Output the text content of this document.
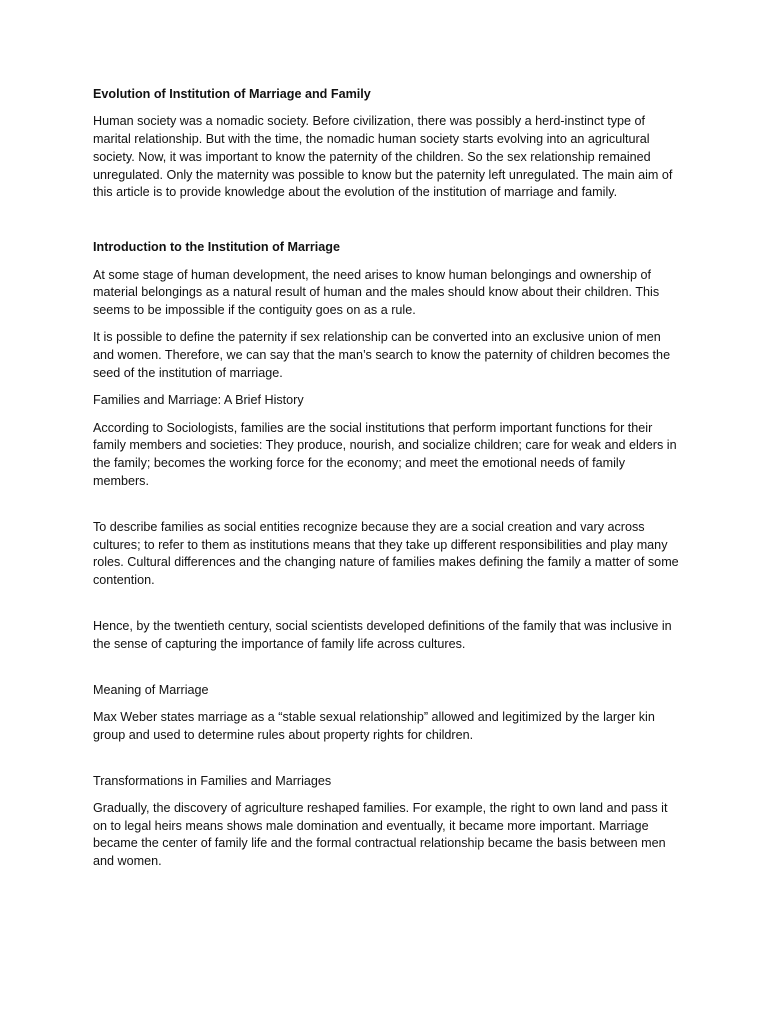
Evolution of Institution of Marriage and Family

Human society was a nomadic society. Before civilization, there was possibly a herd-instinct type of marital relationship. But with the time, the nomadic human society starts evolving into an agricultural society. Now, it was important to know the paternity of the children. So the sex relationship remained unregulated. Only the maternity was possible to know but the paternity left unregulated. The main aim of this article is to provide knowledge about the evolution of the institution of marriage and family.

Introduction to the Institution of Marriage

At some stage of human development, the need arises to know human belongings and ownership of material belongings as a natural result of human and the males should know about their children. This seems to be impossible if the contiguity goes on as a rule.

It is possible to define the paternity if sex relationship can be converted into an exclusive union of men and women. Therefore, we can say that the man’s search to know the paternity of children becomes the seed of the institution of marriage.

Families and Marriage: A Brief History

According to Sociologists, families are the social institutions that perform important functions for their family members and societies: They produce, nourish, and socialize children; care for weak and elders in the family; becomes the working force for the economy; and meet the emotional needs of family members.

To describe families as social entities recognize because they are a social creation and vary across cultures; to refer to them as institutions means that they take up different responsibilities and play many roles. Cultural differences and the changing nature of families makes defining the family a matter of some contention.

Hence, by the twentieth century, social scientists developed definitions of the family that was inclusive in the sense of capturing the importance of family life across cultures.

Meaning of Marriage

Max Weber states marriage as a “stable sexual relationship” allowed and legitimized by the larger kin group and used to determine rules about property rights for children.

Transformations in Families and Marriages

Gradually, the discovery of agriculture reshaped families. For example, the right to own land and pass it on to legal heirs means shows male domination and eventually, it became more important. Marriage became the center of family life and the formal contractual relationship became the basis between men and women.
